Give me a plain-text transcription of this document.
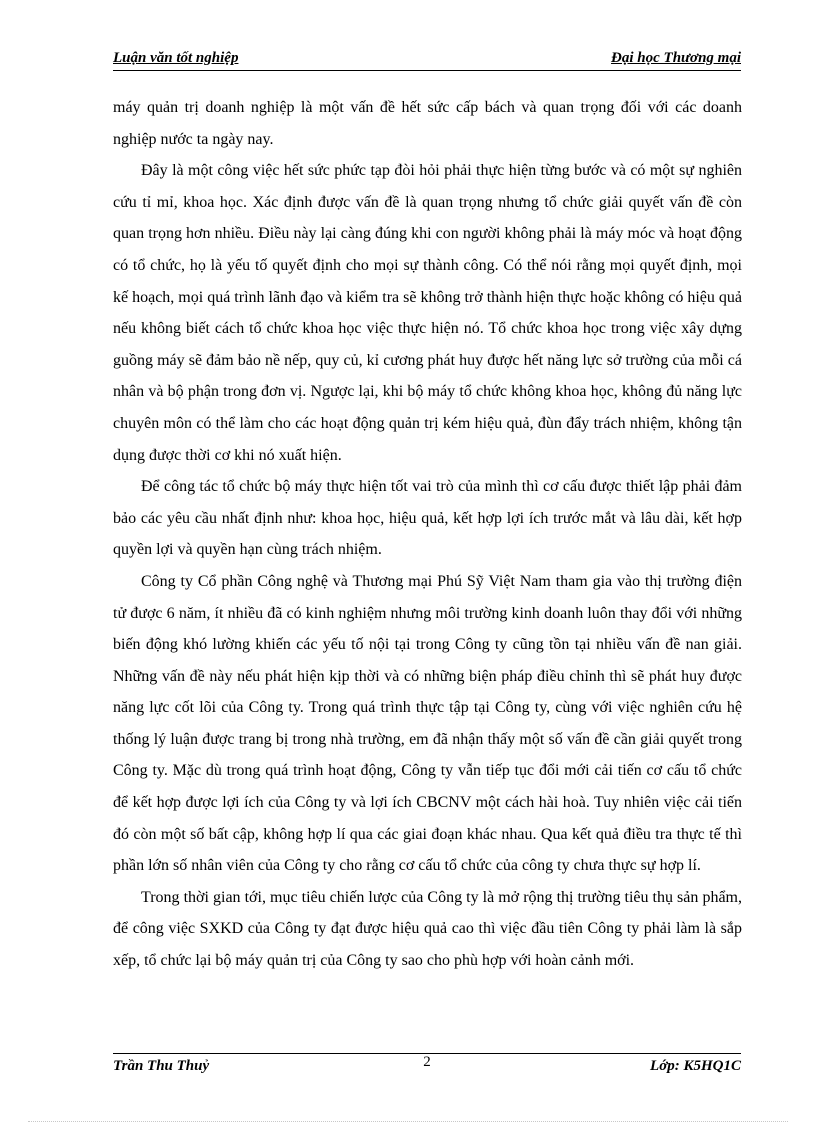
Luận văn tốt nghiệp	Đại học Thương mại

máy quản trị doanh nghiệp là một vấn đề hết sức cấp bách và quan trọng đối với các doanh nghiệp nước ta ngày nay.

Đây là một công việc hết sức phức tạp đòi hỏi phải thực hiện từng bước và có một sự nghiên cứu tỉ mỉ, khoa học. Xác định được vấn đề là quan trọng nhưng tổ chức giải quyết vấn đề còn quan trọng hơn nhiều. Điều này lại càng đúng khi con người không phải là máy móc và hoạt động có tổ chức, họ là yếu tố quyết định cho mọi sự thành công. Có thể nói rằng mọi quyết định, mọi kế hoạch, mọi quá trình lãnh đạo và kiểm tra sẽ không trở thành hiện thực hoặc không có hiệu quả nếu không biết cách tổ chức khoa học việc thực hiện nó. Tổ chức khoa học trong việc xây dựng guồng máy sẽ đảm bảo nề nếp, quy củ, kỉ cương phát huy được hết năng lực sở trường của mỗi cá nhân và bộ phận trong đơn vị. Ngược lại, khi bộ máy tổ chức không khoa học, không đủ năng lực chuyên môn có thể làm cho các hoạt động quản trị kém hiệu quả, đùn đẩy trách nhiệm, không tận dụng được thời cơ khi nó xuất hiện.

Để công tác tổ chức bộ máy thực hiện tốt vai trò của mình thì cơ cấu được thiết lập phải đảm bảo các yêu cầu nhất định như: khoa học, hiệu quả, kết hợp lợi ích trước mắt và lâu dài, kết hợp quyền lợi và quyền hạn cùng trách nhiệm.

Công ty Cổ phần Công nghệ và Thương mại Phú Sỹ Việt Nam tham gia vào thị trường điện tử được 6 năm, ít nhiều đã có kinh nghiệm nhưng môi trường kinh doanh luôn thay đổi với những biến động khó lường khiến các yếu tố nội tại trong Công ty cũng tồn tại nhiều vấn đề nan giải. Những vấn đề này nếu phát hiện kịp thời và có những biện pháp điều chỉnh thì sẽ phát huy được năng lực cốt lõi của Công ty. Trong quá trình thực tập tại Công ty, cùng với việc nghiên cứu hệ thống lý luận được trang bị trong nhà trường, em đã nhận thấy một số vấn đề cần giải quyết trong Công ty. Mặc dù trong quá trình hoạt động, Công ty vẫn tiếp tục đổi mới cải tiến cơ cấu tổ chức để kết hợp được lợi ích của Công ty và lợi ích CBCNV một cách hài hoà. Tuy nhiên việc cải tiến đó còn một số bất cập, không hợp lí qua các giai đoạn khác nhau. Qua kết quả điều tra thực tế thì phần lớn số nhân viên của Công ty cho rằng cơ cấu tổ chức của công ty chưa thực sự hợp lí.

Trong thời gian tới, mục tiêu chiến lược của Công ty là mở rộng thị trường tiêu thụ sản phẩm, để công việc SXKD của Công ty đạt được hiệu quả cao thì việc đầu tiên Công ty phải làm là sắp xếp, tổ chức lại bộ máy quản trị của Công ty sao cho phù hợp với hoàn cảnh mới.

Trần Thu Thuỷ	2	Lớp: K5HQ1C
